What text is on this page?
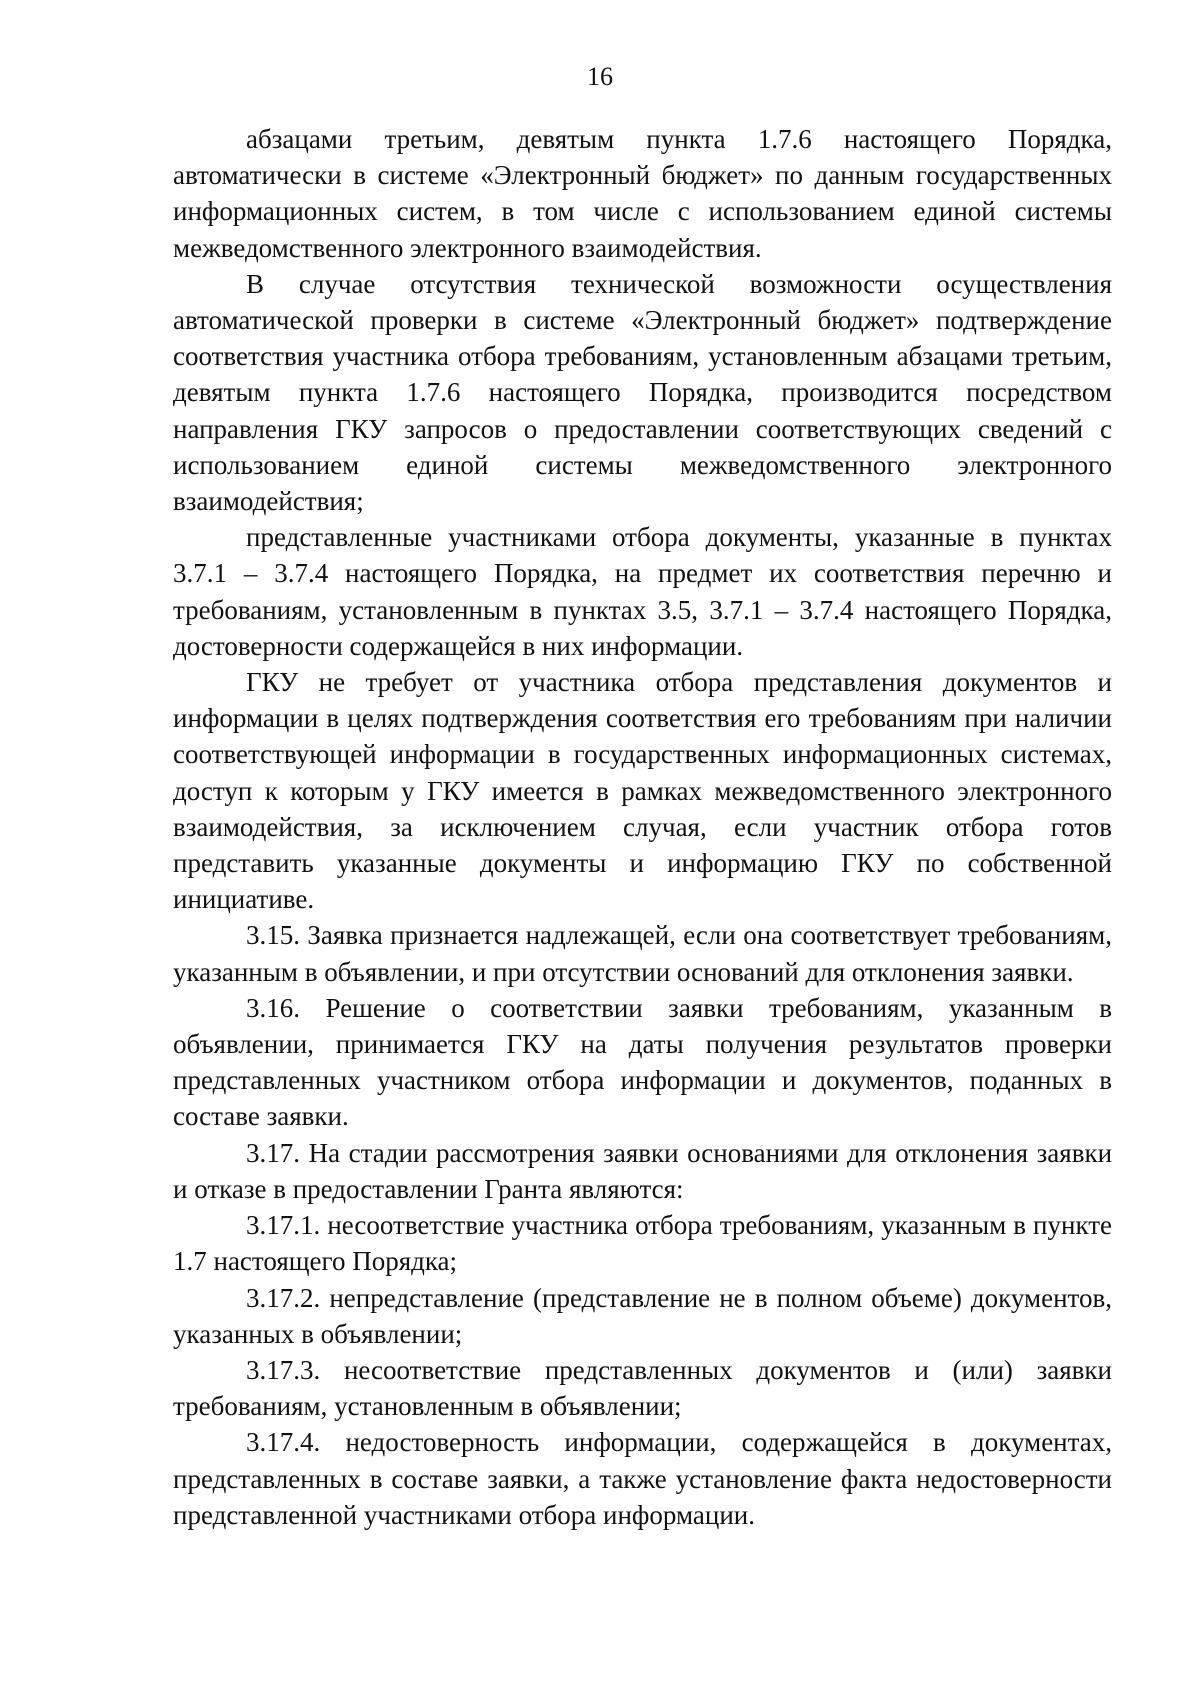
16

абзацами третьим, девятым пункта 1.7.6 настоящего Порядка, автоматически в системе «Электронный бюджет» по данным государственных информационных систем, в том числе с использованием единой системы межведомственного электронного взаимодействия.

В случае отсутствия технической возможности осуществления автоматической проверки в системе «Электронный бюджет» подтверждение соответствия участника отбора требованиям, установленным абзацами третьим, девятым пункта 1.7.6 настоящего Порядка, производится посредством направления ГКУ запросов о предоставлении соответствующих сведений с использованием единой системы межведомственного электронного взаимодействия;

представленные участниками отбора документы, указанные в пунктах 3.7.1 – 3.7.4 настоящего Порядка, на предмет их соответствия перечню и требованиям, установленным в пунктах 3.5, 3.7.1 – 3.7.4 настоящего Порядка, достоверности содержащейся в них информации.

ГКУ не требует от участника отбора представления документов и информации в целях подтверждения соответствия его требованиям при наличии соответствующей информации в государственных информационных системах, доступ к которым у ГКУ имеется в рамках межведомственного электронного взаимодействия, за исключением случая, если участник отбора готов представить указанные документы и информацию ГКУ по собственной инициативе.

3.15. Заявка признается надлежащей, если она соответствует требованиям, указанным в объявлении, и при отсутствии оснований для отклонения заявки.

3.16. Решение о соответствии заявки требованиям, указанным в объявлении, принимается ГКУ на даты получения результатов проверки представленных участником отбора информации и документов, поданных в составе заявки.

3.17. На стадии рассмотрения заявки основаниями для отклонения заявки и отказе в предоставлении Гранта являются:

3.17.1. несоответствие участника отбора требованиям, указанным в пункте 1.7 настоящего Порядка;

3.17.2. непредставление (представление не в полном объеме) документов, указанных в объявлении;

3.17.3. несоответствие представленных документов и (или) заявки требованиям, установленным в объявлении;

3.17.4. недостоверность информации, содержащейся в документах, представленных в составе заявки, а также установление факта недостоверности представленной участниками отбора информации.
